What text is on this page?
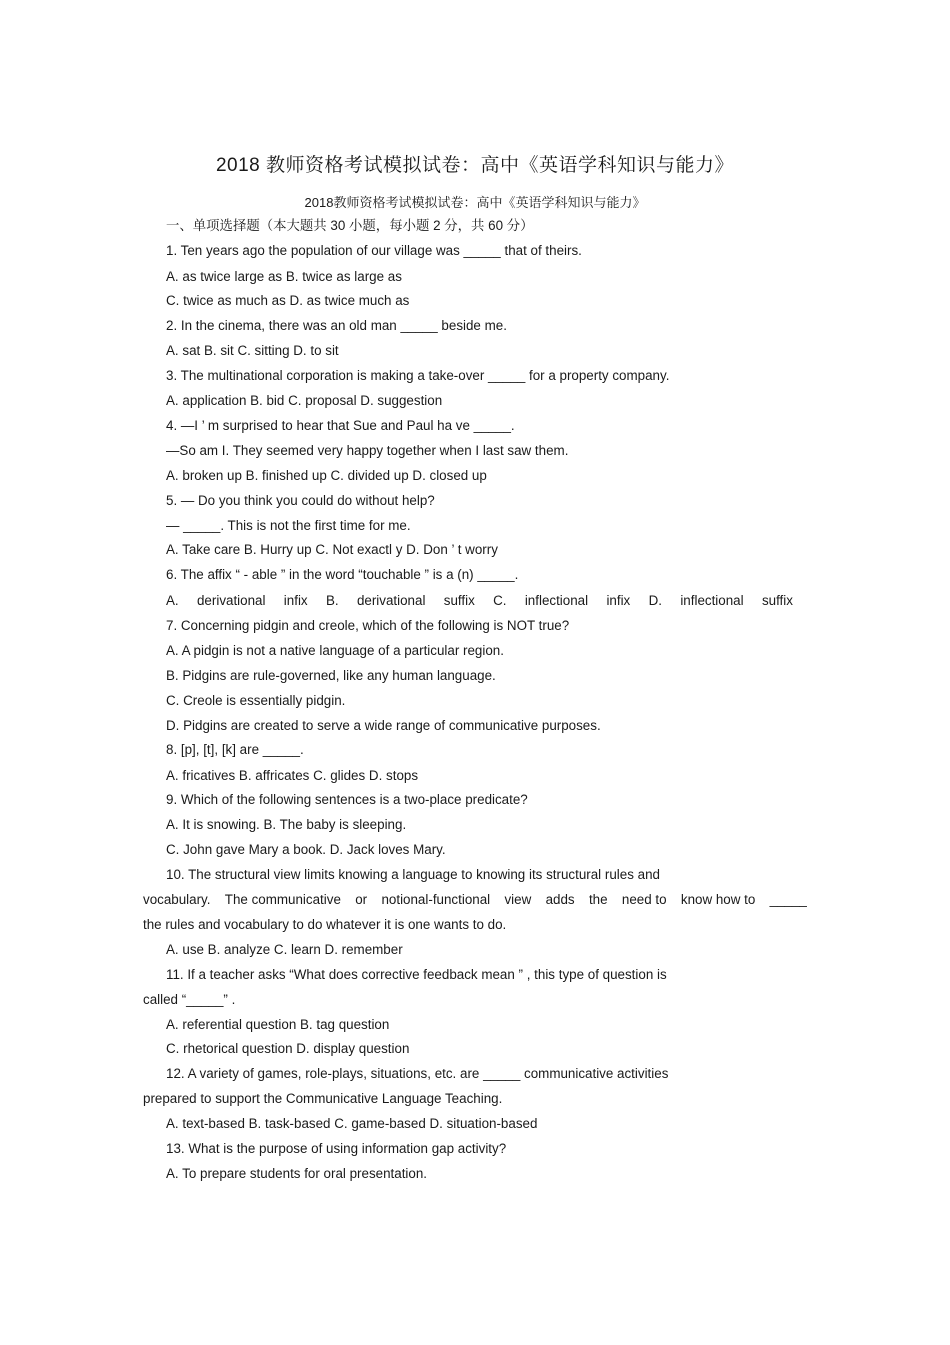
2018 教师资格考试模拟试卷：高中《英语学科知识与能力》
2018教师资格考试模拟试卷：高中《英语学科知识与能力》
一、单项选择题（本大题共 30 小题，每小题 2 分，共 60 分）
1. Ten years ago the population of our village was _____ that of theirs.
A. as twice large as B. twice as large as
C. twice as much as D. as twice much as
2. In the cinema, there was an old man _____ beside me.
A. sat B. sit C. sitting D. to sit
3. The multinational corporation is making a take-over _____ for a property company.
A. application B. bid C. proposal D. suggestion
4. —I ’ m surprised to hear that Sue and Paul ha ve _____.
—So am I. They seemed very happy together when I last saw them.
A. broken up B. finished up C. divided up D. closed up
5. — Do you think you could do without help?
— _____. This is not the first time for me.
A. Take care B. Hurry up C. Not exactl y D. Don ’ t worry
6. The affix “ - able ” in the word “touchable ” is a (n) _____.
A. derivational infix B. derivational suffix C. inflectional infix D. inflectional suffix
7. Concerning pidgin and creole, which of the following is NOT true?
A. A pidgin is not a native language of a particular region.
B. Pidgins are rule-governed, like any human language.
C. Creole is essentially pidgin.
D. Pidgins are created to serve a wide range of communicative purposes.
8. [p], [t], [k] are _____.
A. fricatives B. affricates C. glides D. stops
9. Which of the following sentences is a two-place predicate?
A. It is snowing. B. The baby is sleeping.
C. John gave Mary a book. D. Jack loves Mary.
10. The structural view limits knowing a language to knowing its structural rules and
vocabulary. The communicative or notional-functional view adds the need to know how to _____
the rules and vocabulary to do whatever it is one wants to do.
A. use B. analyze C. learn D. remember
11. If a teacher asks “What does corrective feedback mean ” , this type of question is
called “_____” .
A. referential question B. tag question
C. rhetorical question D. display question
12. A variety of games, role-plays, situations, etc. are _____ communicative activities
prepared to support the Communicative Language Teaching.
A. text-based B. task-based C. game-based D. situation-based
13. What is the purpose of using information gap activity?
A. To prepare students for oral presentation.
